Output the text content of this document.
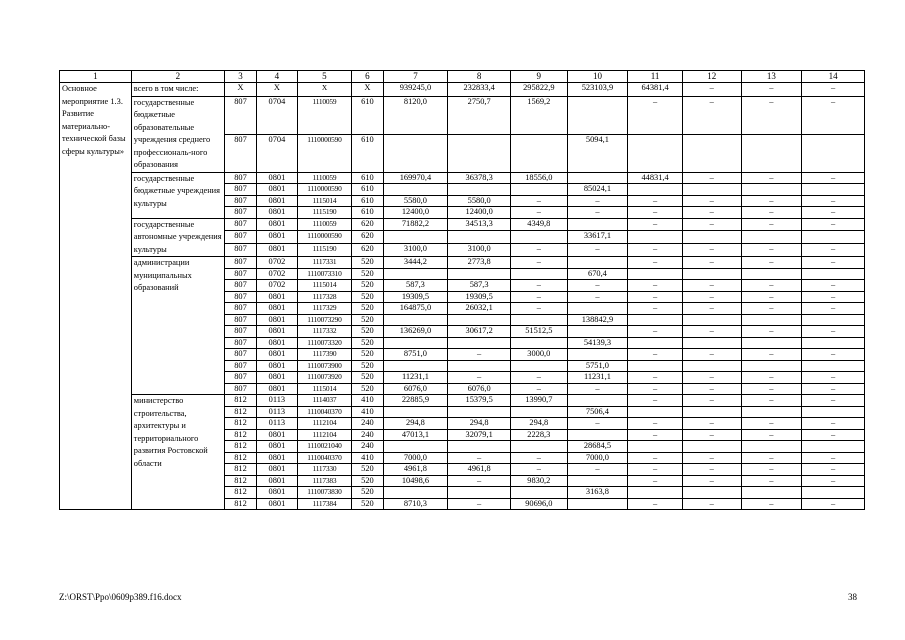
1	2	3	4	5	6	7	8	9	10	11	12	13	14
Основное мероприятие 1.3. Развитие материально-технической базы сферы культуры»	всего в том числе:	Х	Х	Х	Х	939245,0	232833,4	295822,9	523103,9	64381,4	–	–	–
	государственные бюджетные образовательные учреждения среднего профессиональ-ного образования	807	0704	1110059	610	8120,0	2750,7	1569,2		–	–	–	–
		807	0704	1110000590	610				5094,1				
	государственные бюджетные учреждения культуры	807	0801	1110059	610	169970,4	36378,3	18556,0		44831,4	–	–	–
		807	0801	1110000590	610				85024,1				
		807	0801	1115014	610	5580,0	5580,0	–	–	–	–	–	–
		807	0801	1115190	610	12400,0	12400,0	–	–	–	–	–	–
	государственные автономные учреждения культуры	807	0801	1110059	620	71882,2	34513,3	4349,8		–	–	–	–
		807	0801	1110000590	620				33617,1				
		807	0801	1115190	620	3100,0	3100,0	–	–	–	–	–	–
	администрации муниципальных образований	807	0702	1117331	520	3444,2	2773,8	–		–	–	–	–
		807	0702	1110073310	520				670,4				
		807	0702	1115014	520	587,3	587,3	–	–	–	–	–	–
		807	0801	1117328	520	19309,5	19309,5	–	–	–	–	–	–
		807	0801	1117329	520	164875,0	26032,1	–		–	–	–	–
		807	0801	1110073290	520				138842,9				
		807	0801	1117332	520	136269,0	30617,2	51512,5		–	–	–	–
		807	0801	1110073320	520				54139,3				
		807	0801	1117390	520	8751,0	–	3000,0		–	–	–	–
		807	0801	1110073900	520				5751,0				
		807	0801	1110073920	520	11231,1	–	–	11231,1	–	–	–	–
		807	0801	1115014	520	6076,0	6076,0	–	–	–	–	–	–
	министерство строительства, архитектуры и территориального развития Ростовской области	812	0113	1114037	410	22885,9	15379,5	13990,7		–	–	–	–
		812	0113	1110040370	410				7506,4				
		812	0113	1112104	240	294,8	294,8	294,8	–	–	–	–	–
		812	0801	1112104	240	47013,1	32079,1	2228,3		–	–	–	–
		812	0801	1110021040	240				28684,5				
		812	0801	1110040370	410	7000,0	–	–	7000,0	–	–	–	–
		812	0801	1117330	520	4961,8	4961,8	–	–	–	–	–	–
		812	0801	1117383	520	10498,6	–	9830,2		–	–	–	–
		812	0801	1110073830	520				3163,8				
		812	0801	1117384	520	8710,3	–	90696,0		–	–	–	–
Z:\ORST\Ppo\0609p389.f16.docx	38
